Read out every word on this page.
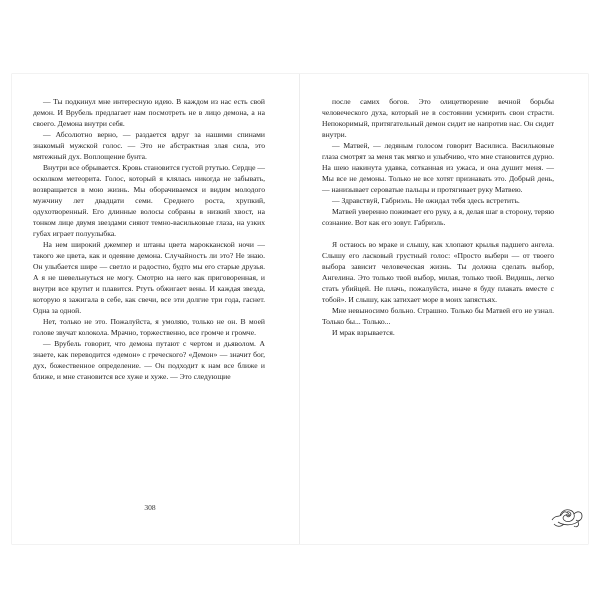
— Ты подкинул мне интересную идею. В каждом из нас есть свой демон. И Врубель предлагает нам посмотреть не в лицо демона, а на своего. Демона внутри себя.

— Абсолютно верно, — раздается вдруг за нашими спинами знакомый мужской голос. — Это не абстрактная злая сила, это мятежный дух. Воплощение бунта.

Внутри все обрывается. Кровь становится густой ртутью. Сердце — осколком метеорита. Голос, который я клялась никогда не забывать, возвращается в мою жизнь. Мы оборачиваемся и видим молодого мужчину лет двадцати семи. Среднего роста, хрупкий, одухотворенный. Его длинные волосы собраны в низкий хвост, на тонком лице двумя звездами сияют темно-васильковые глаза, на узких губах играет полуулыбка.

На нем широкий джемпер и штаны цвета марокканской ночи — такого же цвета, как и одеяние демона. Случайность ли это? Не знаю. Он улыбается шире — светло и радостно, будто мы его старые друзья. А я не шевельнуться не могу. Смотрю на него как приговоренная, и внутри все крутит и плавится. Ртуть обжигает вены. И каждая звезда, которую я зажигала в себе, как свечи, все эти долгие три года, гаснет. Одна за одной.

Нет, только не это. Пожалуйста, я умоляю, только не он. В моей голове звучат колокола. Мрачно, торжественно, все громче и громче.

— Врубель говорит, что демона путают с чертом и дьяволом. А знаете, как переводится «демон» с греческого? «Демон» — значит бог, дух, божественное определение. — Он подходит к нам все ближе и ближе, и мне становится все хуже и хуже. — Это следующие

308

после самих богов. Это олицетворение вечной борьбы человеческого духа, который не в состоянии усмирить свои страсти. Непокоримый, притягательный демон сидит не напротив нас. Он сидит внутри.

— Матвей, — ледяным голосом говорит Василиса. Васильковые глаза смотрят за меня так мягко и улыбчиво, что мне становится дурно. На шею накинута удавка, сотканная из ужаса, и она душит меня. — Мы все не демоны. Только не все хотят признавать это. Добрый день, — нанизывает сероватые пальцы и протягивает руку Матвею.

— Здравствуй, Габриэль. Не ожидал тебя здесь встретить.

Матвей уверенно пожимает его руку, а я, делая шаг в сторону, теряю сознание. Вот как его зовут. Габриэль.

Я остаюсь во мраке и слышу, как хлопают крылья падшего ангела. Слышу его ласковый грустный голос: «Просто выбери — от твоего выбора зависит человеческая жизнь. Ты должна сделать выбор, Ангелина. Это только твой выбор, милая, только твой. Видишь, легко стать убийцей. Не плачь, пожалуйста, иначе я буду плакать вместе с тобой». И слышу, как затихает море в моих запястьях.

Мне невыносимо больно. Страшно. Только бы Матвей его не узнал. Только бы... Только...

И мрак взрывается.
